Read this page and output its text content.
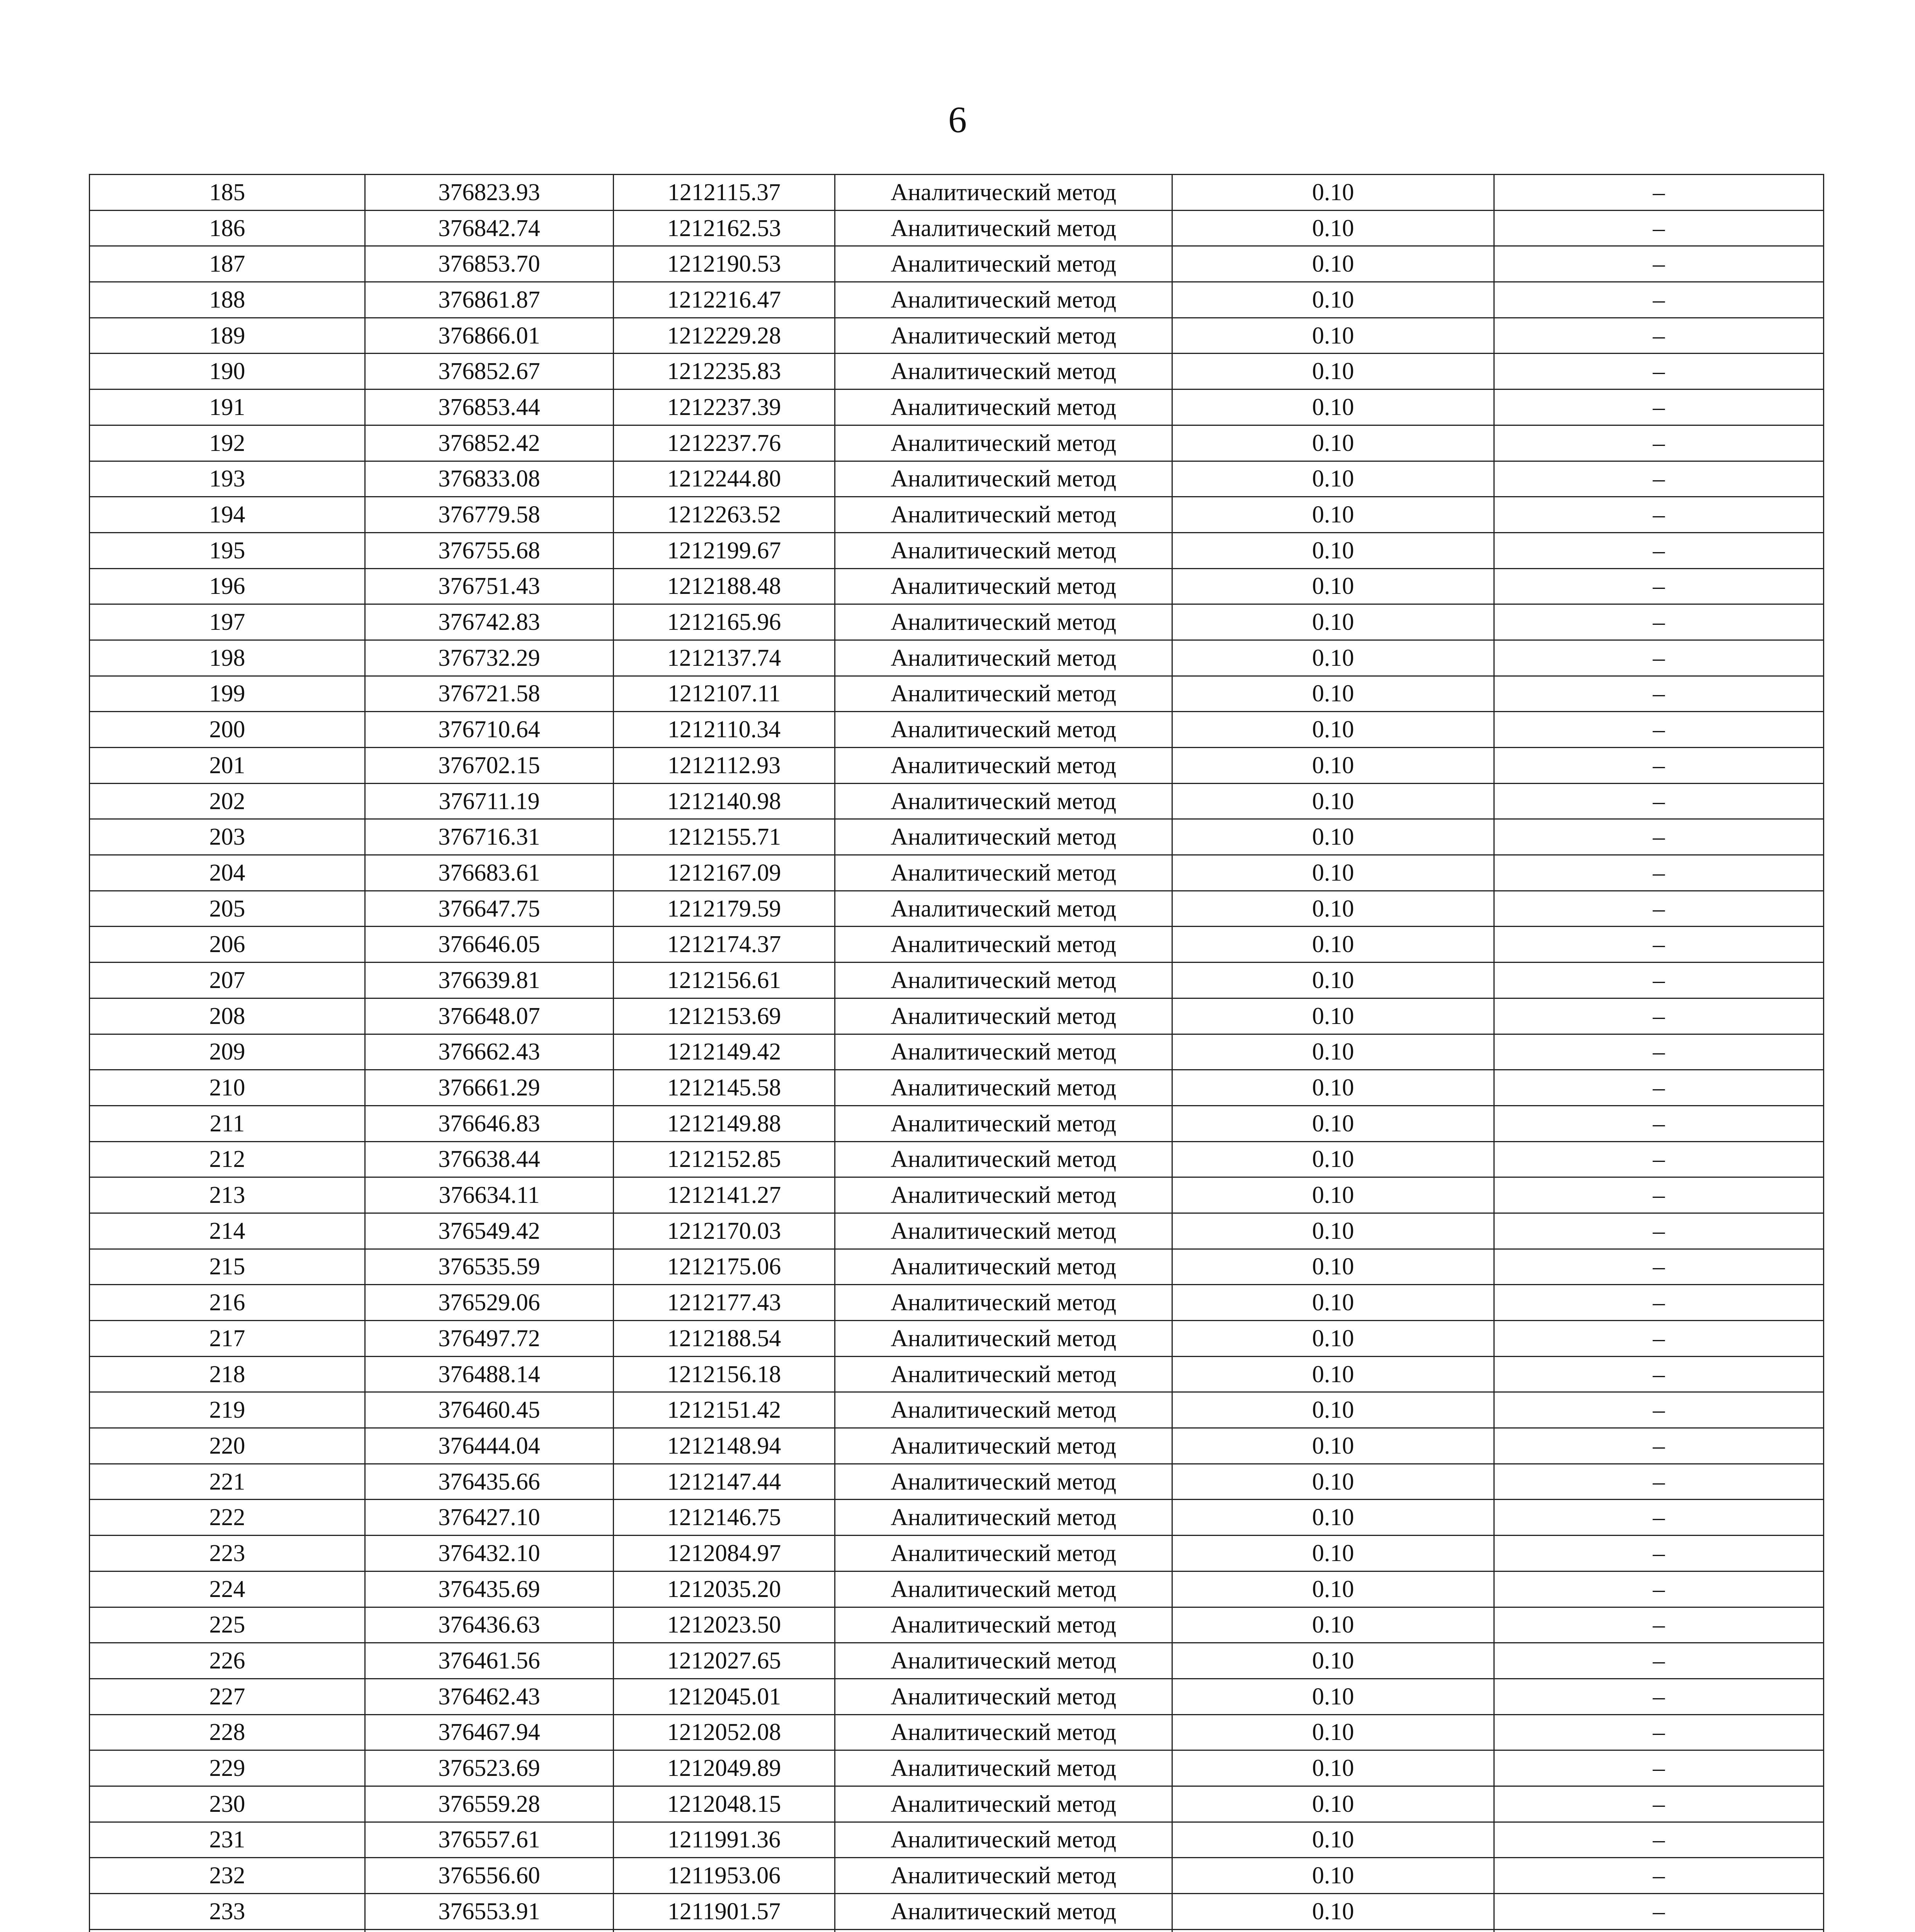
6
185	376823.93	1212115.37	Аналитический метод	0.10	–
186	376842.74	1212162.53	Аналитический метод	0.10	–
187	376853.70	1212190.53	Аналитический метод	0.10	–
188	376861.87	1212216.47	Аналитический метод	0.10	–
189	376866.01	1212229.28	Аналитический метод	0.10	–
190	376852.67	1212235.83	Аналитический метод	0.10	–
191	376853.44	1212237.39	Аналитический метод	0.10	–
192	376852.42	1212237.76	Аналитический метод	0.10	–
193	376833.08	1212244.80	Аналитический метод	0.10	–
194	376779.58	1212263.52	Аналитический метод	0.10	–
195	376755.68	1212199.67	Аналитический метод	0.10	–
196	376751.43	1212188.48	Аналитический метод	0.10	–
197	376742.83	1212165.96	Аналитический метод	0.10	–
198	376732.29	1212137.74	Аналитический метод	0.10	–
199	376721.58	1212107.11	Аналитический метод	0.10	–
200	376710.64	1212110.34	Аналитический метод	0.10	–
201	376702.15	1212112.93	Аналитический метод	0.10	–
202	376711.19	1212140.98	Аналитический метод	0.10	–
203	376716.31	1212155.71	Аналитический метод	0.10	–
204	376683.61	1212167.09	Аналитический метод	0.10	–
205	376647.75	1212179.59	Аналитический метод	0.10	–
206	376646.05	1212174.37	Аналитический метод	0.10	–
207	376639.81	1212156.61	Аналитический метод	0.10	–
208	376648.07	1212153.69	Аналитический метод	0.10	–
209	376662.43	1212149.42	Аналитический метод	0.10	–
210	376661.29	1212145.58	Аналитический метод	0.10	–
211	376646.83	1212149.88	Аналитический метод	0.10	–
212	376638.44	1212152.85	Аналитический метод	0.10	–
213	376634.11	1212141.27	Аналитический метод	0.10	–
214	376549.42	1212170.03	Аналитический метод	0.10	–
215	376535.59	1212175.06	Аналитический метод	0.10	–
216	376529.06	1212177.43	Аналитический метод	0.10	–
217	376497.72	1212188.54	Аналитический метод	0.10	–
218	376488.14	1212156.18	Аналитический метод	0.10	–
219	376460.45	1212151.42	Аналитический метод	0.10	–
220	376444.04	1212148.94	Аналитический метод	0.10	–
221	376435.66	1212147.44	Аналитический метод	0.10	–
222	376427.10	1212146.75	Аналитический метод	0.10	–
223	376432.10	1212084.97	Аналитический метод	0.10	–
224	376435.69	1212035.20	Аналитический метод	0.10	–
225	376436.63	1212023.50	Аналитический метод	0.10	–
226	376461.56	1212027.65	Аналитический метод	0.10	–
227	376462.43	1212045.01	Аналитический метод	0.10	–
228	376467.94	1212052.08	Аналитический метод	0.10	–
229	376523.69	1212049.89	Аналитический метод	0.10	–
230	376559.28	1212048.15	Аналитический метод	0.10	–
231	376557.61	1211991.36	Аналитический метод	0.10	–
232	376556.60	1211953.06	Аналитический метод	0.10	–
233	376553.91	1211901.57	Аналитический метод	0.10	–
